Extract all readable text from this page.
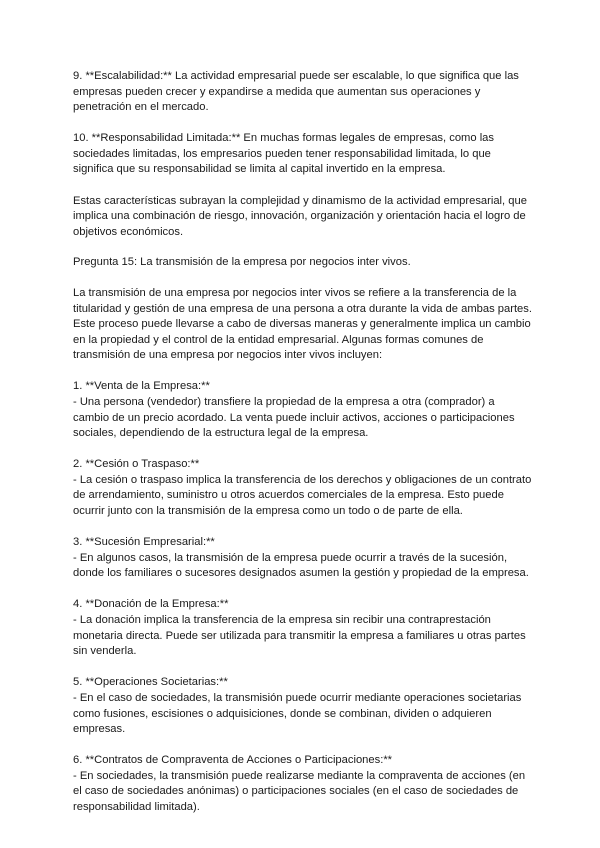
9. **Escalabilidad:** La actividad empresarial puede ser escalable, lo que significa que las empresas pueden crecer y expandirse a medida que aumentan sus operaciones y penetración en el mercado.

10. **Responsabilidad Limitada:** En muchas formas legales de empresas, como las sociedades limitadas, los empresarios pueden tener responsabilidad limitada, lo que significa que su responsabilidad se limita al capital invertido en la empresa.

Estas características subrayan la complejidad y dinamismo de la actividad empresarial, que implica una combinación de riesgo, innovación, organización y orientación hacia el logro de objetivos económicos.

Pregunta 15: La transmisión de la empresa por negocios inter vivos.

La transmisión de una empresa por negocios inter vivos se refiere a la transferencia de la titularidad y gestión de una empresa de una persona a otra durante la vida de ambas partes. Este proceso puede llevarse a cabo de diversas maneras y generalmente implica un cambio en la propiedad y el control de la entidad empresarial. Algunas formas comunes de transmisión de una empresa por negocios inter vivos incluyen:

1. **Venta de la Empresa:**

- Una persona (vendedor) transfiere la propiedad de la empresa a otra (comprador) a cambio de un precio acordado. La venta puede incluir activos, acciones o participaciones sociales, dependiendo de la estructura legal de la empresa.

2. **Cesión o Traspaso:**

- La cesión o traspaso implica la transferencia de los derechos y obligaciones de un contrato de arrendamiento, suministro u otros acuerdos comerciales de la empresa. Esto puede ocurrir junto con la transmisión de la empresa como un todo o de parte de ella.

3. **Sucesión Empresarial:**

- En algunos casos, la transmisión de la empresa puede ocurrir a través de la sucesión, donde los familiares o sucesores designados asumen la gestión y propiedad de la empresa.

4. **Donación de la Empresa:**

- La donación implica la transferencia de la empresa sin recibir una contraprestación monetaria directa. Puede ser utilizada para transmitir la empresa a familiares u otras partes sin venderla.

5. **Operaciones Societarias:**

- En el caso de sociedades, la transmisión puede ocurrir mediante operaciones societarias como fusiones, escisiones o adquisiciones, donde se combinan, dividen o adquieren empresas.

6. **Contratos de Compraventa de Acciones o Participaciones:**

- En sociedades, la transmisión puede realizarse mediante la compraventa de acciones (en el caso de sociedades anónimas) o participaciones sociales (en el caso de sociedades de responsabilidad limitada).
